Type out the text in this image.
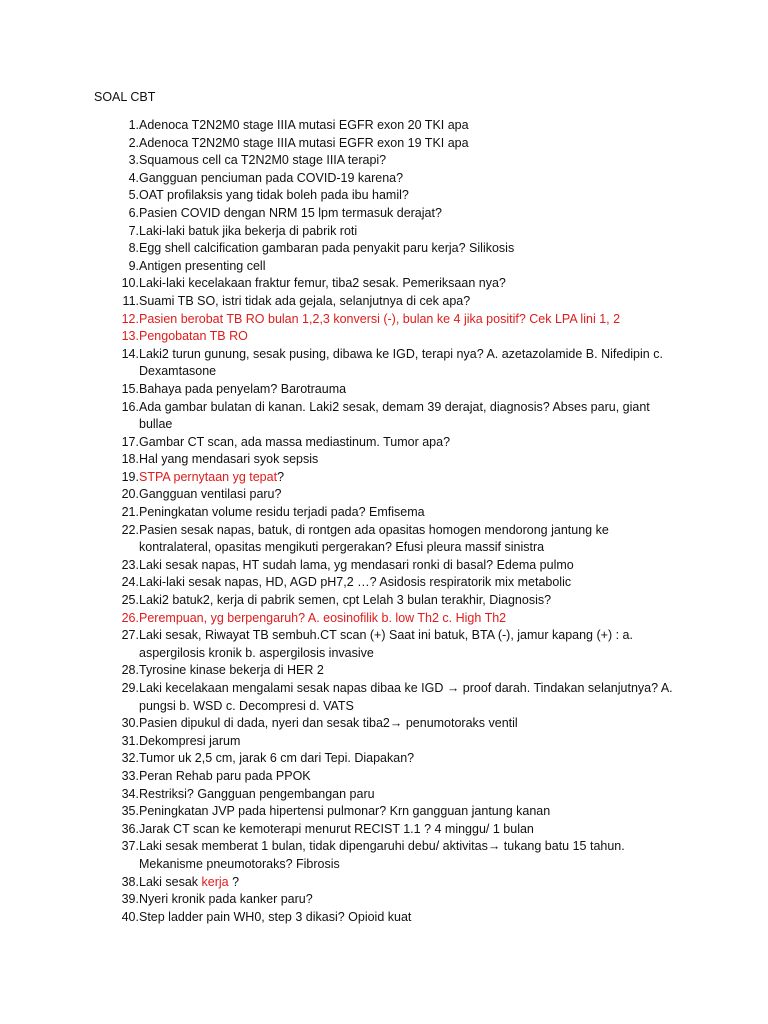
SOAL CBT
1. Adenoca T2N2M0 stage IIIA mutasi EGFR exon 20 TKI apa
2. Adenoca T2N2M0 stage IIIA mutasi EGFR exon 19 TKI apa
3. Squamous cell ca T2N2M0 stage IIIA terapi?
4. Gangguan penciuman pada COVID-19 karena?
5. OAT profilaksis yang tidak boleh pada ibu hamil?
6. Pasien COVID dengan NRM 15 lpm termasuk derajat?
7. Laki-laki batuk jika bekerja di pabrik roti
8. Egg shell calcification gambaran pada penyakit paru kerja? Silikosis
9. Antigen presenting cell
10. Laki-laki kecelakaan fraktur femur, tiba2 sesak. Pemeriksaan nya?
11. Suami TB SO, istri tidak ada gejala, selanjutnya di cek apa?
12. Pasien berobat TB RO bulan 1,2,3 konversi (-), bulan ke 4 jika positif? Cek LPA lini 1, 2
13. Pengobatan TB RO
14. Laki2 turun gunung, sesak pusing, dibawa ke IGD, terapi nya? A. azetazolamide B. Nifedipin c. Dexamtasone
15. Bahaya pada penyelam? Barotrauma
16. Ada gambar bulatan di kanan. Laki2 sesak, demam 39 derajat, diagnosis? Abses paru, giant bullae
17. Gambar CT scan, ada massa mediastinum. Tumor apa?
18. Hal yang mendasari syok sepsis
19. STPA pernytaan yg tepat?
20. Gangguan ventilasi paru?
21. Peningkatan volume residu terjadi pada? Emfisema
22. Pasien sesak napas, batuk, di rontgen ada opasitas homogen mendorong jantung ke kontralateral, opasitas mengikuti pergerakan? Efusi pleura massif sinistra
23. Laki sesak napas, HT sudah lama, yg mendasari ronki di basal? Edema pulmo
24. Laki-laki sesak napas, HD, AGD pH7,2 …? Asidosis respiratorik mix metabolic
25. Laki2 batuk2, kerja di pabrik semen, cpt Lelah 3 bulan terakhir, Diagnosis?
26. Perempuan, yg berpengaruh? A. eosinofilik b. low Th2 c. High Th2
27. Laki sesak, Riwayat TB sembuh.CT scan (+) Saat ini batuk, BTA (-), jamur kapang (+) : a. aspergilosis kronik b. aspergilosis invasive
28. Tyrosine kinase bekerja di HER 2
29. Laki kecelakaan mengalami sesak napas dibaa ke IGD → proof darah. Tindakan selanjutnya? A. pungsi b. WSD c. Decompresi d. VATS
30. Pasien dipukul di dada, nyeri dan sesak tiba2→ penumotoraks ventil
31. Dekompresi jarum
32. Tumor uk 2,5 cm, jarak 6 cm dari Tepi. Diapakan?
33. Peran Rehab paru pada PPOK
34. Restriksi? Gangguan pengembangan paru
35. Peningkatan JVP pada hipertensi pulmonar? Krn gangguan jantung kanan
36. Jarak CT scan ke kemoterapi menurut RECIST 1.1 ? 4 minggu/ 1 bulan
37. Laki sesak memberat 1 bulan, tidak dipengaruhi debu/ aktivitas→ tukang batu 15 tahun. Mekanisme pneumotoraks? Fibrosis
38. Laki sesak kerja ?
39. Nyeri kronik pada kanker paru?
40. Step ladder pain WH0, step 3 dikasi? Opioid kuat
